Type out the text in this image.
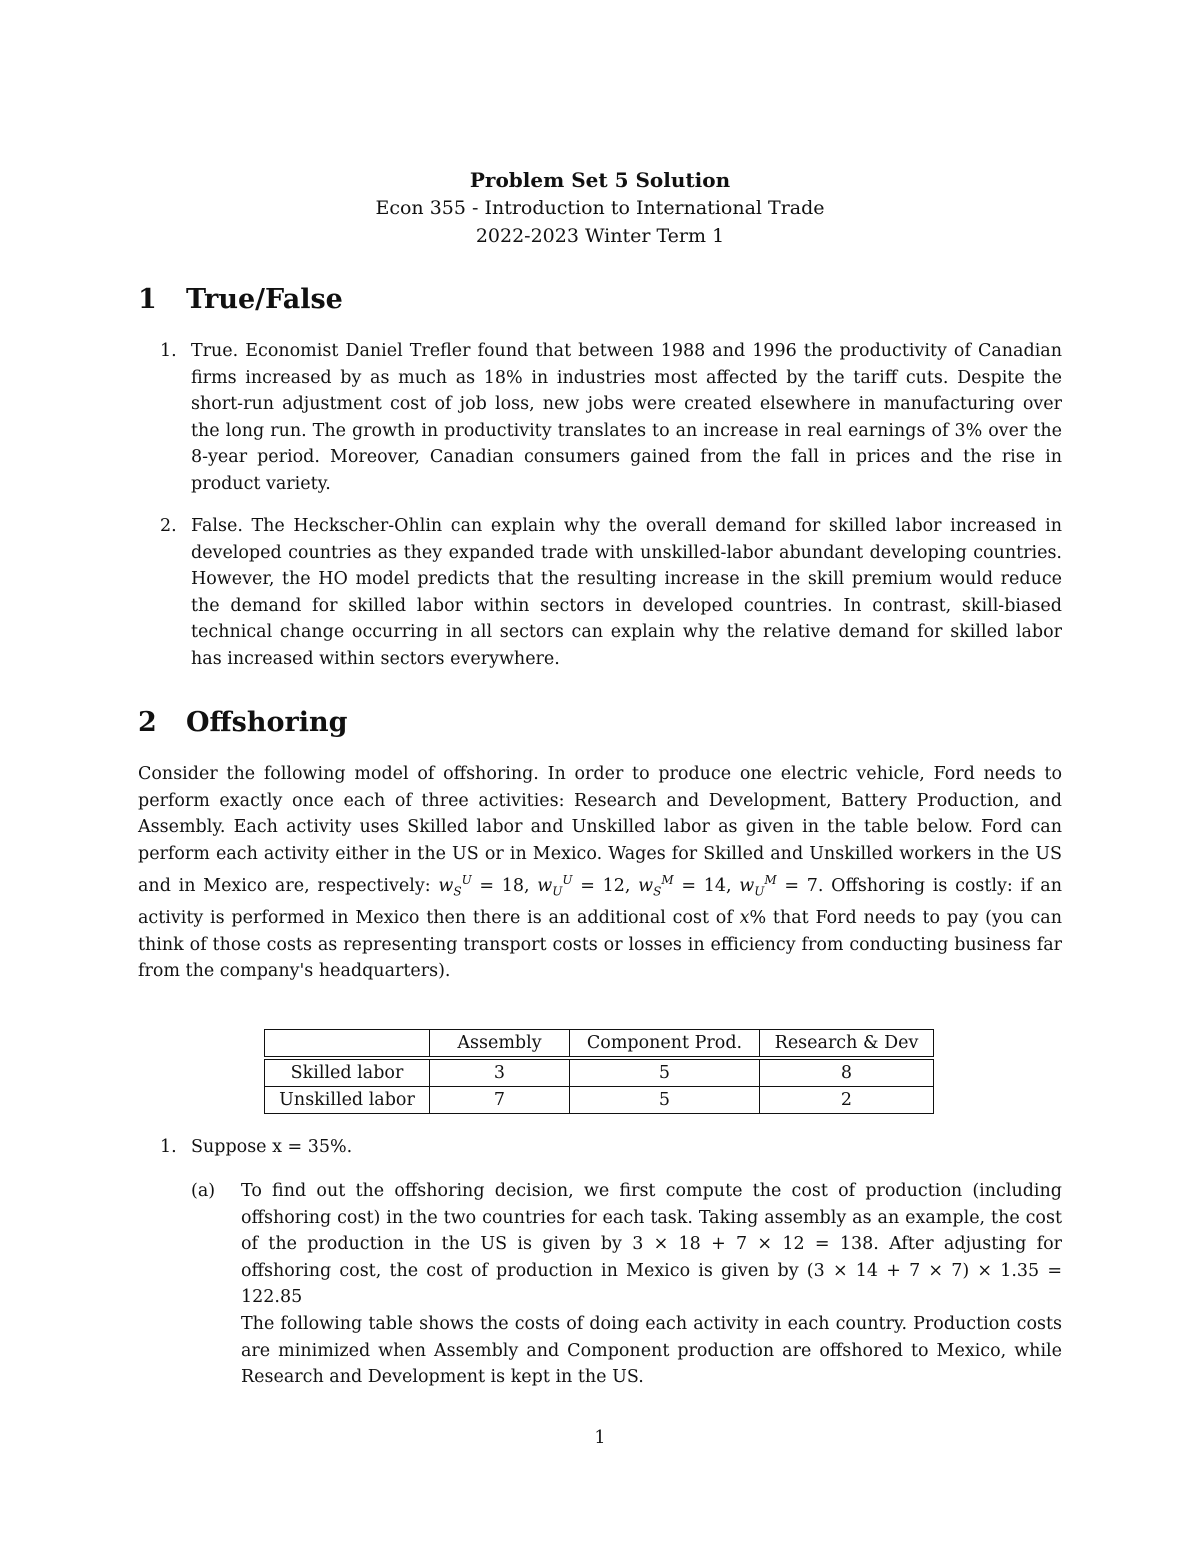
Problem Set 5 Solution
Econ 355 - Introduction to International Trade
2022-2023 Winter Term 1
1 True/False
1. True. Economist Daniel Trefler found that between 1988 and 1996 the productivity of Canadian firms increased by as much as 18% in industries most affected by the tariff cuts. Despite the short-run adjustment cost of job loss, new jobs were created elsewhere in manufacturing over the long run. The growth in productivity translates to an increase in real earnings of 3% over the 8-year period. Moreover, Canadian consumers gained from the fall in prices and the rise in product variety.
2. False. The Heckscher-Ohlin can explain why the overall demand for skilled labor increased in developed countries as they expanded trade with unskilled-labor abundant developing countries. However, the HO model predicts that the resulting increase in the skill premium would reduce the demand for skilled labor within sectors in developed countries. In contrast, skill-biased technical change occurring in all sectors can explain why the relative demand for skilled labor has increased within sectors everywhere.
2 Offshoring
Consider the following model of offshoring. In order to produce one electric vehicle, Ford needs to perform exactly once each of three activities: Research and Development, Battery Production, and Assembly. Each activity uses Skilled labor and Unskilled labor as given in the table below. Ford can perform each activity either in the US or in Mexico. Wages for Skilled and Unskilled workers in the US and in Mexico are, respectively: $w_S^U = 18$, $w_U^U = 12$, $w_S^M = 14$, $w_U^M = 7$. Offshoring is costly: if an activity is performed in Mexico then there is an additional cost of x% that Ford needs to pay (you can think of those costs as representing transport costs or losses in efficiency from conducting business far from the company's headquarters).
	Assembly	Component Prod.	Research & Dev
Skilled labor	3	5	8
Unskilled labor	7	5	2
1. Suppose x = 35%.
(a) To find out the offshoring decision, we first compute the cost of production (including offshoring cost) in the two countries for each task. Taking assembly as an example, the cost of the production in the US is given by 3 × 18 + 7 × 12 = 138. After adjusting for offshoring cost, the cost of production in Mexico is given by (3 × 14 + 7 × 7) × 1.35 = 122.85
The following table shows the costs of doing each activity in each country. Production costs are minimized when Assembly and Component production are offshored to Mexico, while Research and Development is kept in the US.
1
